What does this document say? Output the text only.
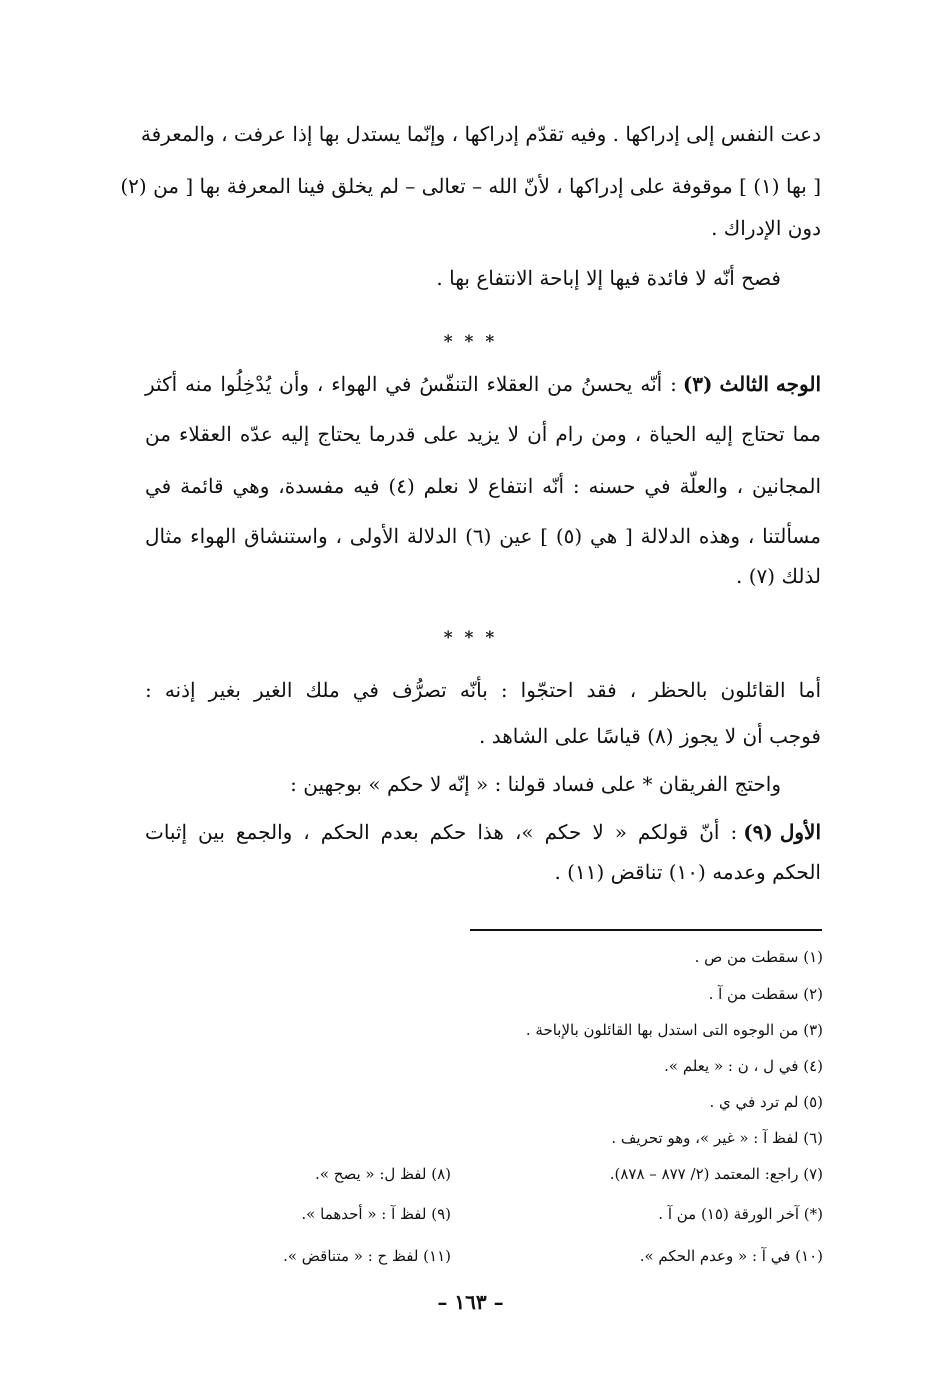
دعت النفس إلى إدراكها . وفيه تقدّم إدراكها ، وإنّما يستدل بها إذا عرفت ، والمعرفة
[ بها (١) ] موقوفة على إدراكها ، لأنّ الله – تعالى – لم يخلق فينا المعرفة بها [ من (٢)
دون الإدراك .
فصح أنّه لا فائدة فيها إلا إباحة الانتفاع بها .
* * *
الوجه الثالث (٣)
: أنّه يحسنُ من العقلاء التنفّسُ في الهواء ، وأن يُدْخِلُوا منه أكثر
مما تحتاج إليه الحياة ، ومن رام أن لا يزيد على قدرما يحتاج إليه عدّه العقلاء من
المجانين ، والعلّة في حسنه : أنّه انتفاع لا نعلم (٤) فيه مفسدة، وهي قائمة في
مسألتنا ، وهذه الدلالة [ هي (٥) ] عين (٦) الدلالة الأولى ، واستنشاق الهواء مثال
لذلك (٧) .
* * *
أما القائلون بالحظر ، فقد احتجّوا : بأنّه تصرُّف في ملك الغير بغير إذنه :
فوجب أن لا يجوز (٨) قياسًا على الشاهد .
واحتج الفريقان * على فساد قولنا : « إنّه لا حكم » بوجهين :
الأول (٩)
: أنّ قولكم « لا حكم »، هذا حكم بعدم الحكم ، والجمع بين إثبات
الحكم وعدمه (١٠) تناقض (١١) .
(١) سقطت من ص .
(٢) سقطت من آ .
(٣) من الوجوه التى استدل بها القائلون بالإباحة .
(٤) في ل ، ن : « يعلم ».
(٥) لم ترد في ي .
(٦) لفظ آ : « غير »، وهو تحريف .
(٧) راجع: المعتمد (٢/ ٨٧٧ – ٨٧٨).
(*) آخر الورقة (١٥) من آ .
(١٠) في آ : « وعدم الحكم ».
(٨) لفظ ل: « يصح ».
(٩) لفظ آ : « أحدهما ».
(١١) لفظ ح : « متناقض ».
– ١٦٣ –
